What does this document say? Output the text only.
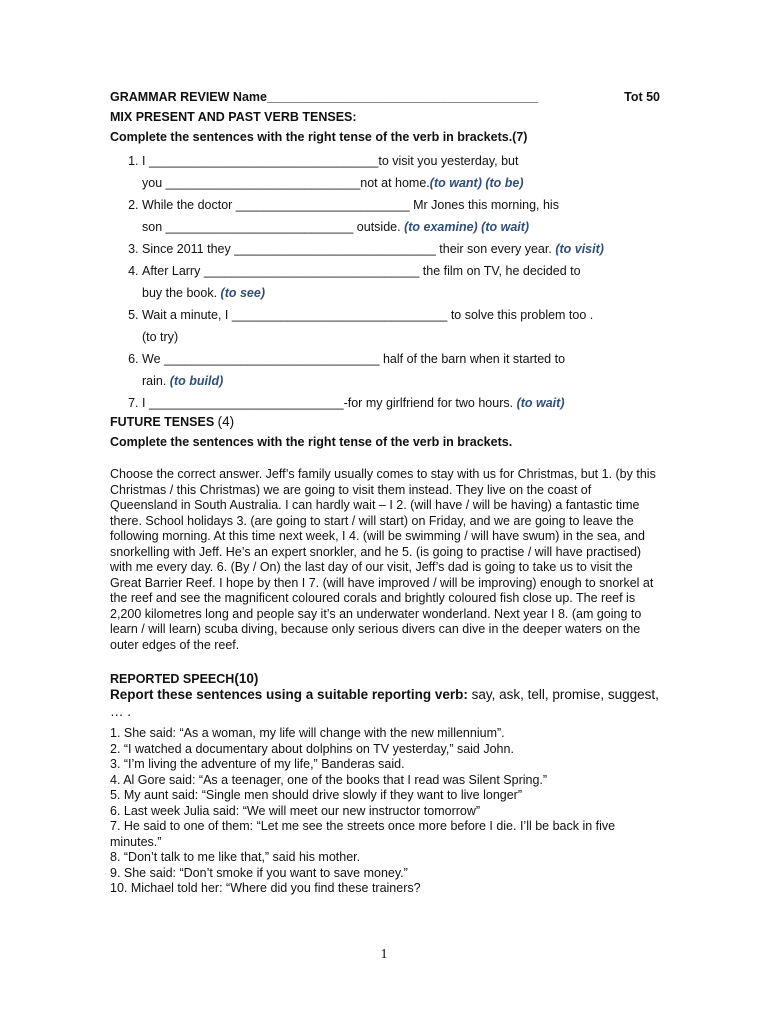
GRAMMAR REVIEW Name_______________________________________	Tot 50
MIX PRESENT AND PAST VERB TENSES:
Complete the sentences with the right tense of the verb in brackets.(7)
1. I _________________________________to visit you yesterday, but
you ____________________________not at home.(to want) (to be)
2. While the doctor _________________________ Mr Jones this morning, his
son ___________________________ outside. (to examine) (to wait)
3. Since 2011 they _____________________________ their son every year. (to visit)
4. After Larry _______________________________ the film on TV, he decided to
buy the book. (to see)
5. Wait a minute, I _______________________________ to solve this problem too .
(to try)
6. We _______________________________ half of the barn when it started to
rain. (to build)
7. I ____________________________-for my girlfriend for two hours. (to wait)
FUTURE TENSES (4)
Complete the sentences with the right tense of the verb in brackets.
Choose the correct answer. Jeff’s family usually comes to stay with us for Christmas, but 1. (by this Christmas / this Christmas) we are going to visit them instead. They live on the coast of Queensland in South Australia. I can hardly wait – I 2. (will have / will be having) a fantastic time there. School holidays 3. (are going to start / will start) on Friday, and we are going to leave the following morning. At this time next week, I 4. (will be swimming / will have swum) in the sea, and snorkelling with Jeff. He’s an expert snorkler, and he 5. (is going to practise / will have practised) with me every day. 6. (By / On) the last day of our visit, Jeff’s dad is going to take us to visit the Great Barrier Reef. I hope by then I 7. (will have improved / will be improving) enough to snorkel at the reef and see the magnificent coloured corals and brightly coloured fish close up. The reef is 2,200 kilometres long and people say it’s an underwater wonderland. Next year I 8. (am going to learn / will learn) scuba diving, because only serious divers can dive in the deeper waters on the outer edges of the reef.
REPORTED SPEECH(10)
Report these sentences using a suitable reporting verb: say, ask, tell, promise, suggest, … .
1. She said: “As a woman, my life will change with the new millennium”.
2. “I watched a documentary about dolphins on TV yesterday,” said John.
3. “I’m living the adventure of my life,” Banderas said.
4. Al Gore said: “As a teenager, one of the books that I read was Silent Spring.”
5. My aunt said: “Single men should drive slowly if they want to live longer”
6. Last week Julia said: “We will meet our new instructor tomorrow”
7. He said to one of them: “Let me see the streets once more before I die. I’ll be back in five minutes.”
8. “Don’t talk to me like that,” said his mother.
9. She said: “Don’t smoke if you want to save money.”
10. Michael told her: “Where did you find these trainers?
1
